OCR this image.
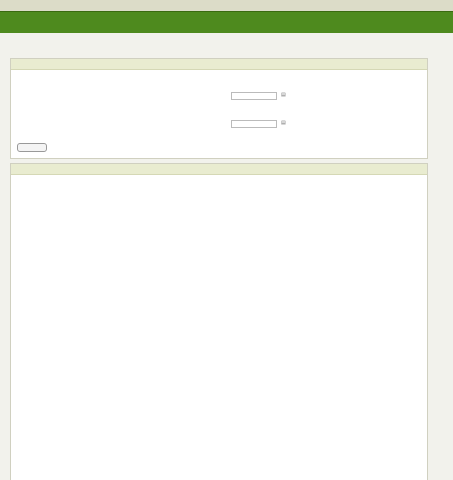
▤
▤
